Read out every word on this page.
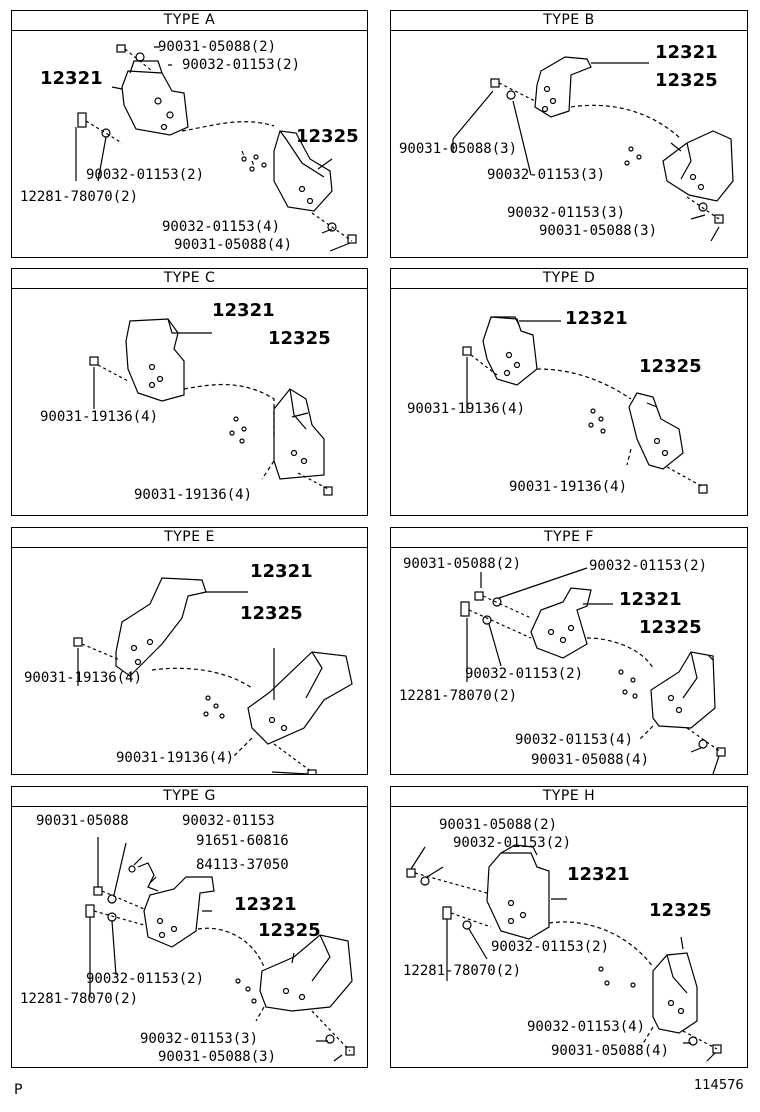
TYPE A
90031-05088(2)
90032-01153(2)
12321
90032-01153(2)
12281-78070(2)
12325
90032-01153(4)
90031-05088(4)
TYPE B
12321
12325
90031-05088(3)
90032-01153(3)
90032-01153(3)
90031-05088(3)
TYPE C
12321
12325
90031-19136(4)
90031-19136(4)
TYPE D
12321
12325
90031-19136(4)
90031-19136(4)
TYPE E
12321
12325
90031-19136(4)
90031-19136(4)
TYPE F
90031-05088(2)	90032-01153(2)
12321
12325
90032-01153(2)
12281-78070(2)
90032-01153(4)
90031-05088(4)
TYPE G
90031-05088	90032-01153
91651-60816
84113-37050
12321
12325
90032-01153(2)
12281-78070(2)
90032-01153(3)
90031-05088(3)
TYPE H
90031-05088(2)
90032-01153(2)
12321
12325
90032-01153(2)
12281-78070(2)
90032-01153(4)
90031-05088(4)
P	114576
